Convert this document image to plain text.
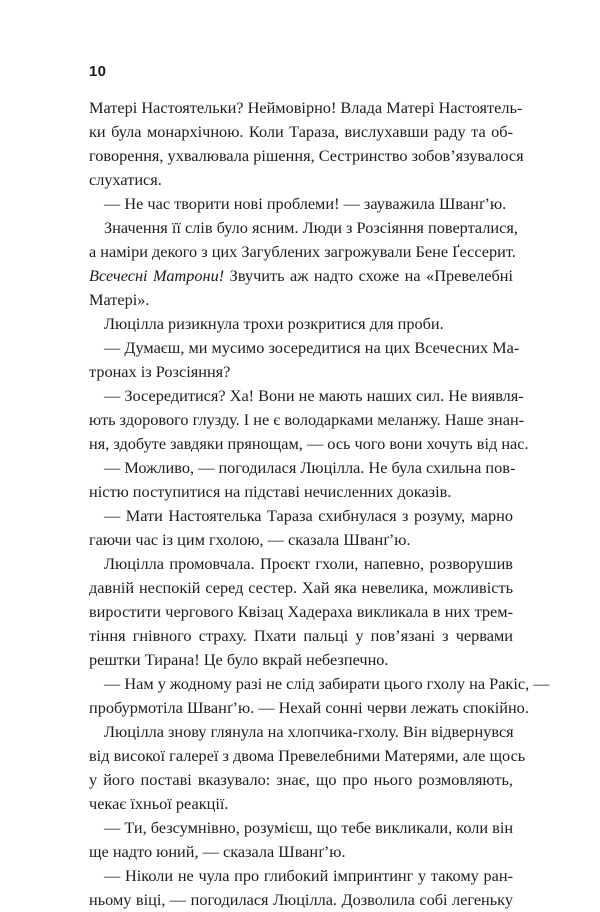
10
Матері Настоятельки? Неймовірно! Влада Матері Настоятель-
ки була монархічною. Коли Тараза, вислухавши раду та об-
говорення, ухвалювала рішення, Сестринство зобов’язувалося
слухатися.
— Не час творити нові проблеми! — зауважила Шванґ’ю.
Значення її слів було ясним. Люди з Розсіяння поверталися,
а наміри декого з цих Загублених загрожували Бене Ґессерит.
Всечесні Матрони! Звучить аж надто схоже на «Превелебні
Матері».
Люцілла ризикнула трохи розкритися для проби.
— Думаєш, ми мусимо зосередитися на цих Всечесних Ма-
тронах із Розсіяння?
— Зосередитися? Ха! Вони не мають наших сил. Не виявля-
ють здорового глузду. І не є володарками меланжу. Наше знан-
ня, здобуте завдяки прянощам, — ось чого вони хочуть від нас.
— Можливо, — погодилася Люцілла. Не була схильна пов-
ністю поступитися на підставі нечисленних доказів.
— Мати Настоятелька Тараза схибнулася з розуму, марно
гаючи час із цим гхолою, — сказала Шванґ’ю.
Люцілла промовчала. Проєкт гхоли, напевно, розворушив
давній неспокій серед сестер. Хай яка невелика, можливість
виростити чергового Квізац Хадераха викликала в них трем-
тіння гнівного страху. Пхати пальці у пов’язані з червами
рештки Тирана! Це було вкрай небезпечно.
— Нам у жодному разі не слід забирати цього гхолу на Ракіс, —
пробурмотіла Шванґ’ю. — Нехай сонні черви лежать спокійно.
Люцілла знову глянула на хлопчика-гхолу. Він відвернувся
від високої галереї з двома Превелебними Матерями, але щось
у його поставі вказувало: знає, що про нього розмовляють,
чекає їхньої реакції.
— Ти, безсумнівно, розумієш, що тебе викликали, коли він
ще надто юний, — сказала Шванґ’ю.
— Ніколи не чула про глибокий імпринтинг у такому ран-
ньому віці, — погодилася Люцілла. Дозволила собі легеньку
